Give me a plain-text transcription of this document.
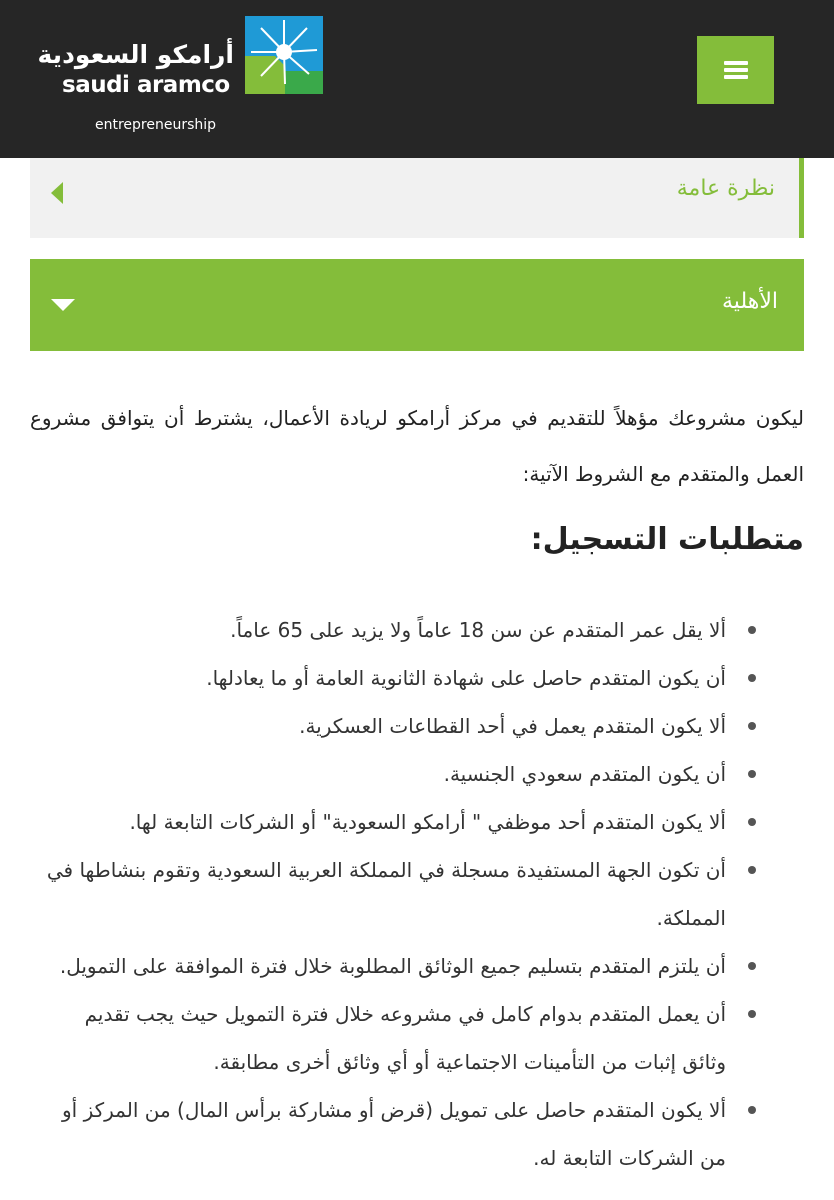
أرامكو السعودية
saudi aramco
entrepreneurship
نظرة عامة
الأهلية

ليكون مشروعك مؤهلاً للتقديم في مركز أرامكو لريادة الأعمال، يشترط أن يتوافق مشروع العمل والمتقدم مع الشروط الآتية:

متطلبات التسجيل:
ألا يقل عمر المتقدم عن سن 18 عاماً ولا يزيد على 65 عاماً.
أن يكون المتقدم حاصل على شهادة الثانوية العامة أو ما يعادلها.
ألا يكون المتقدم يعمل في أحد القطاعات العسكرية.
أن يكون المتقدم سعودي الجنسية.
ألا يكون المتقدم أحد موظفي " أرامكو السعودية" أو الشركات التابعة لها.
أن تكون الجهة المستفيدة مسجلة في المملكة العربية السعودية وتقوم بنشاطها في المملكة.
أن يلتزم المتقدم بتسليم جميع الوثائق المطلوبة خلال فترة الموافقة على التمويل.
أن يعمل المتقدم بدوام كامل في مشروعه خلال فترة التمويل حيث يجب تقديم وثائق إثبات من التأمينات الاجتماعية أو أي وثائق أخرى مطابقة.
ألا يكون المتقدم حاصل على تمويل (قرض أو مشاركة برأس المال) من المركز أو من الشركات التابعة له.
